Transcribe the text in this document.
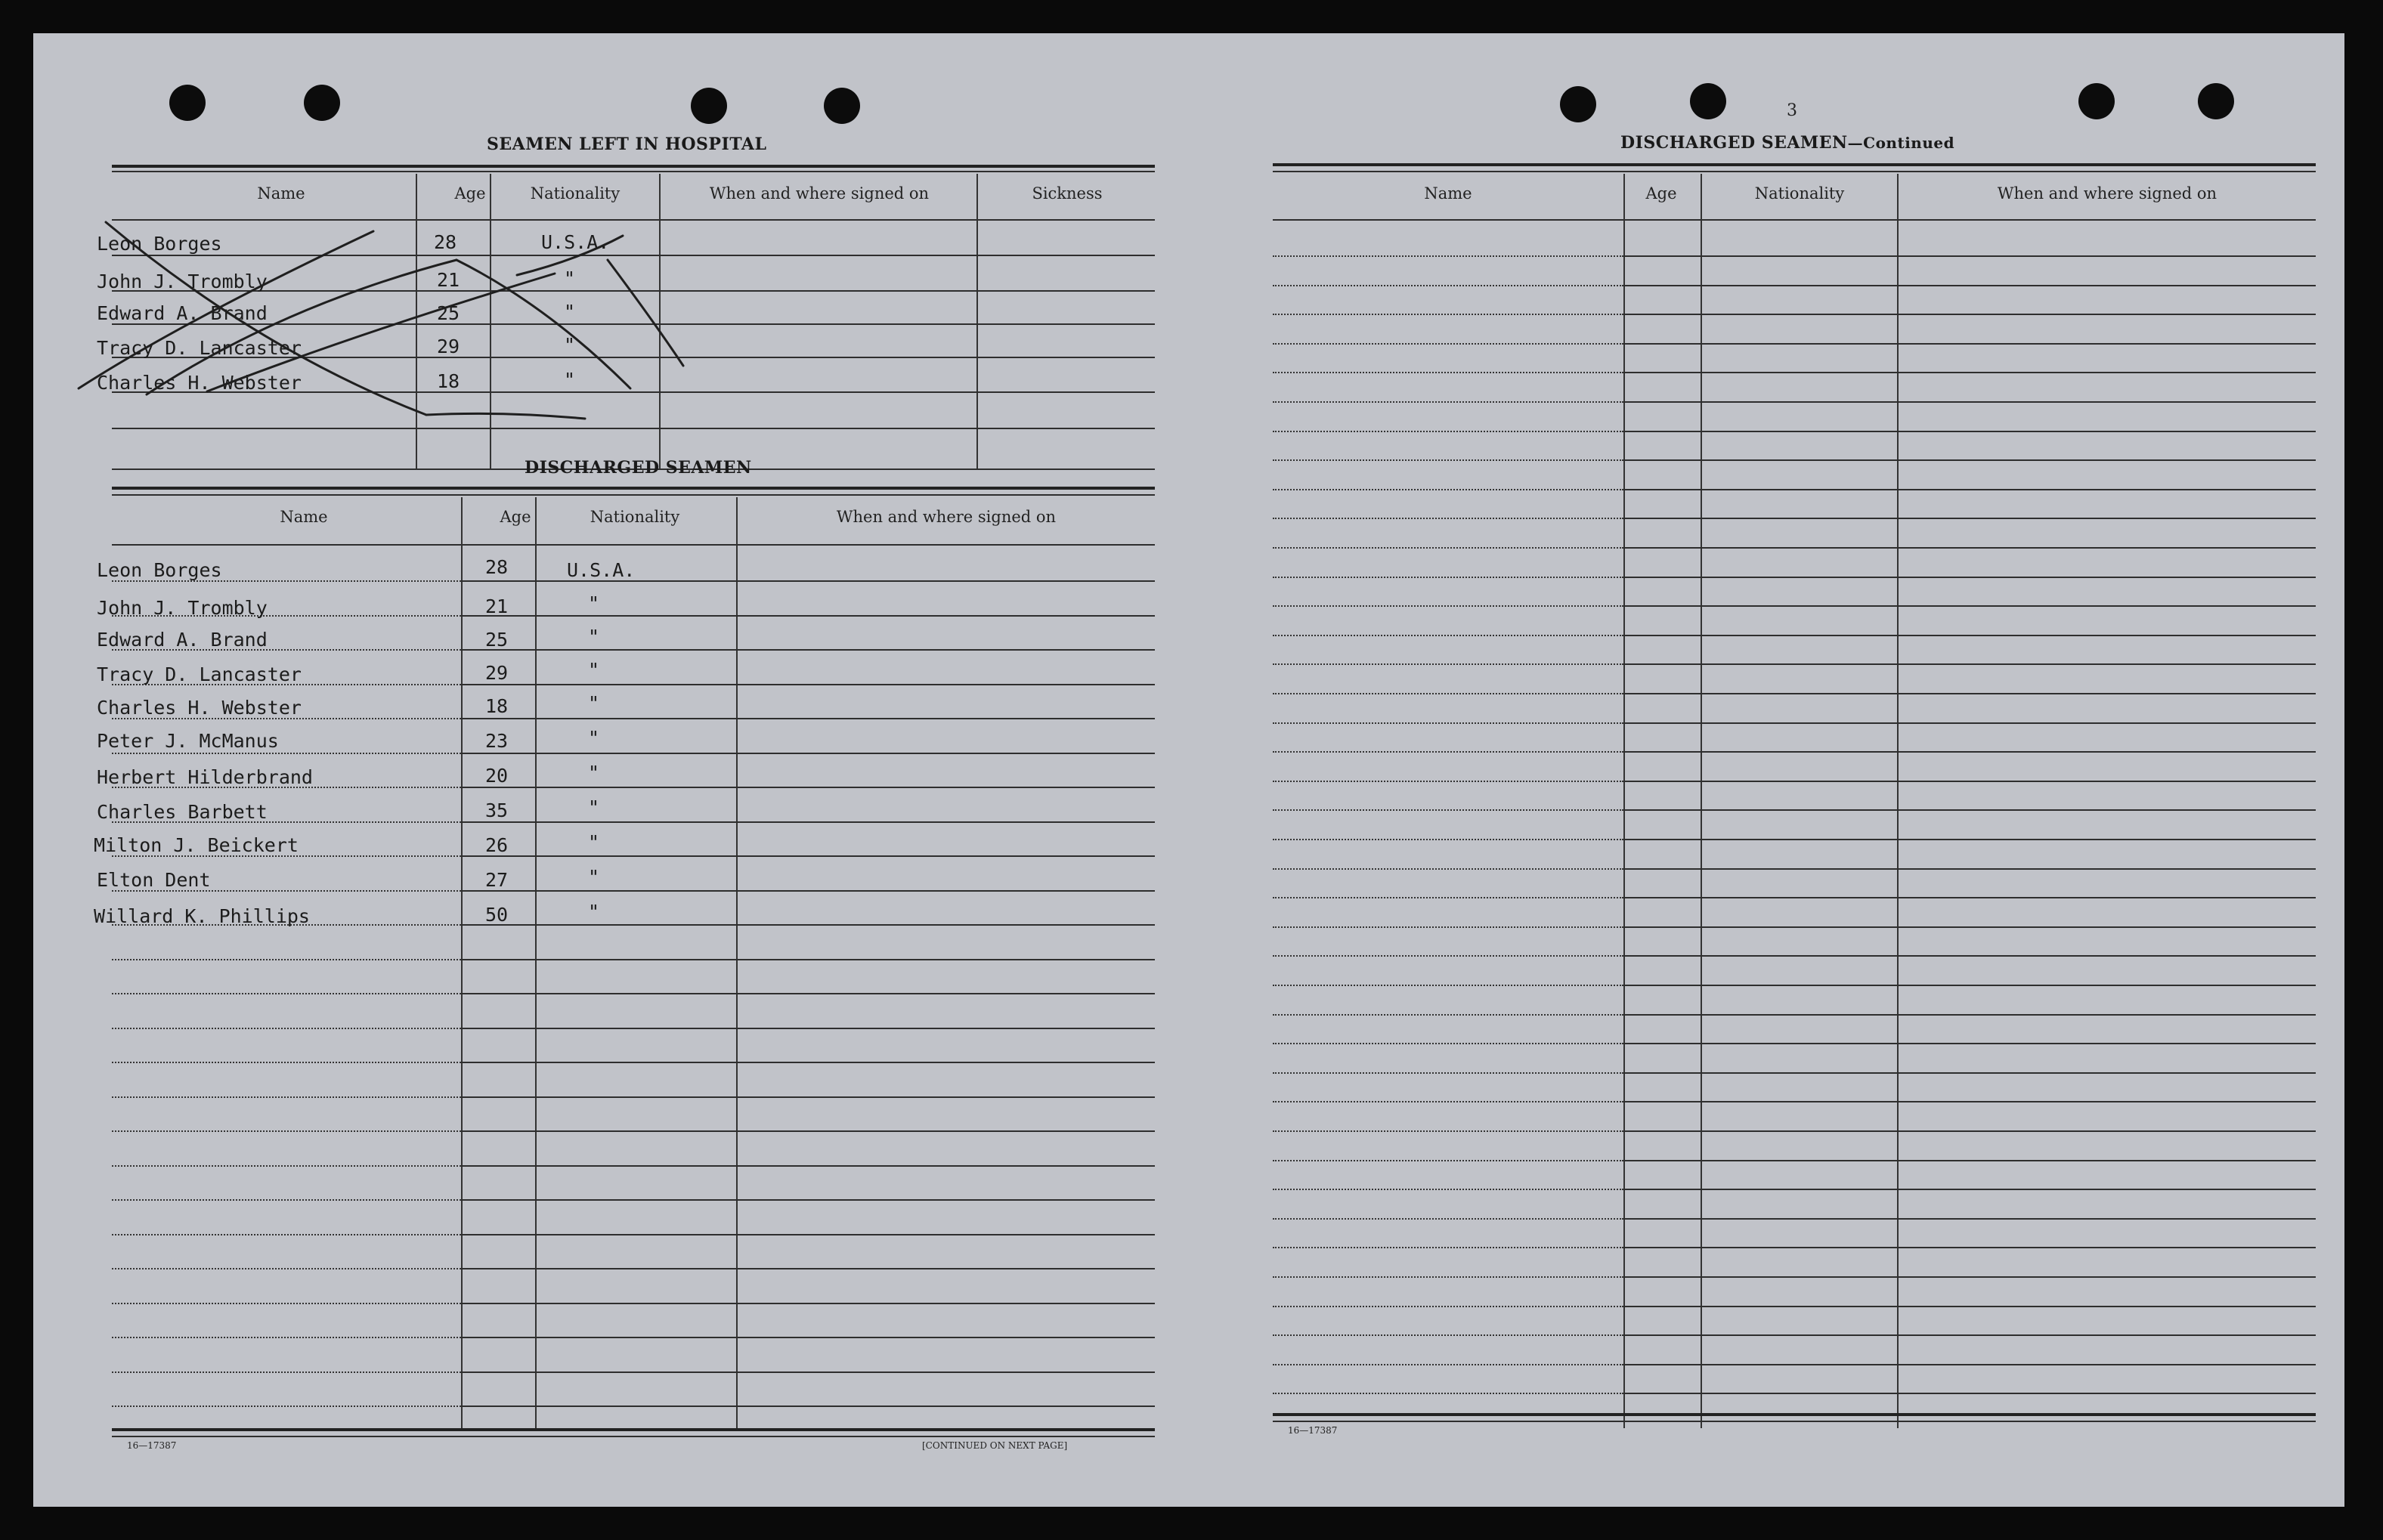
3
SEAMEN LEFT IN HOSPITAL
Name	Age	Nationality	When and where signed on	Sickness
Leon Borges	28	U.S.A.
John J. Trombly	21	"
Edward A. Brand	25	"
Tracy D. Lancaster	29	"
Charles H. Webster	18	"
DISCHARGED SEAMEN
Name	Age	Nationality	When and where signed on
Leon Borges	28	U.S.A.
John J. Trombly	21	"
Edward A. Brand	25	"
Tracy D. Lancaster	29	"
Charles H. Webster	18	"
Peter J. McManus	23	"
Herbert Hilderbrand	20	"
Charles Barbett	35	"
Milton J. Beickert	26	"
Elton Dent	27	"
Willard K. Phillips	50	"
16—17387	[CONTINUED ON NEXT PAGE]
DISCHARGED SEAMEN—Continued
Name	Age	Nationality	When and where signed on
16—17387
